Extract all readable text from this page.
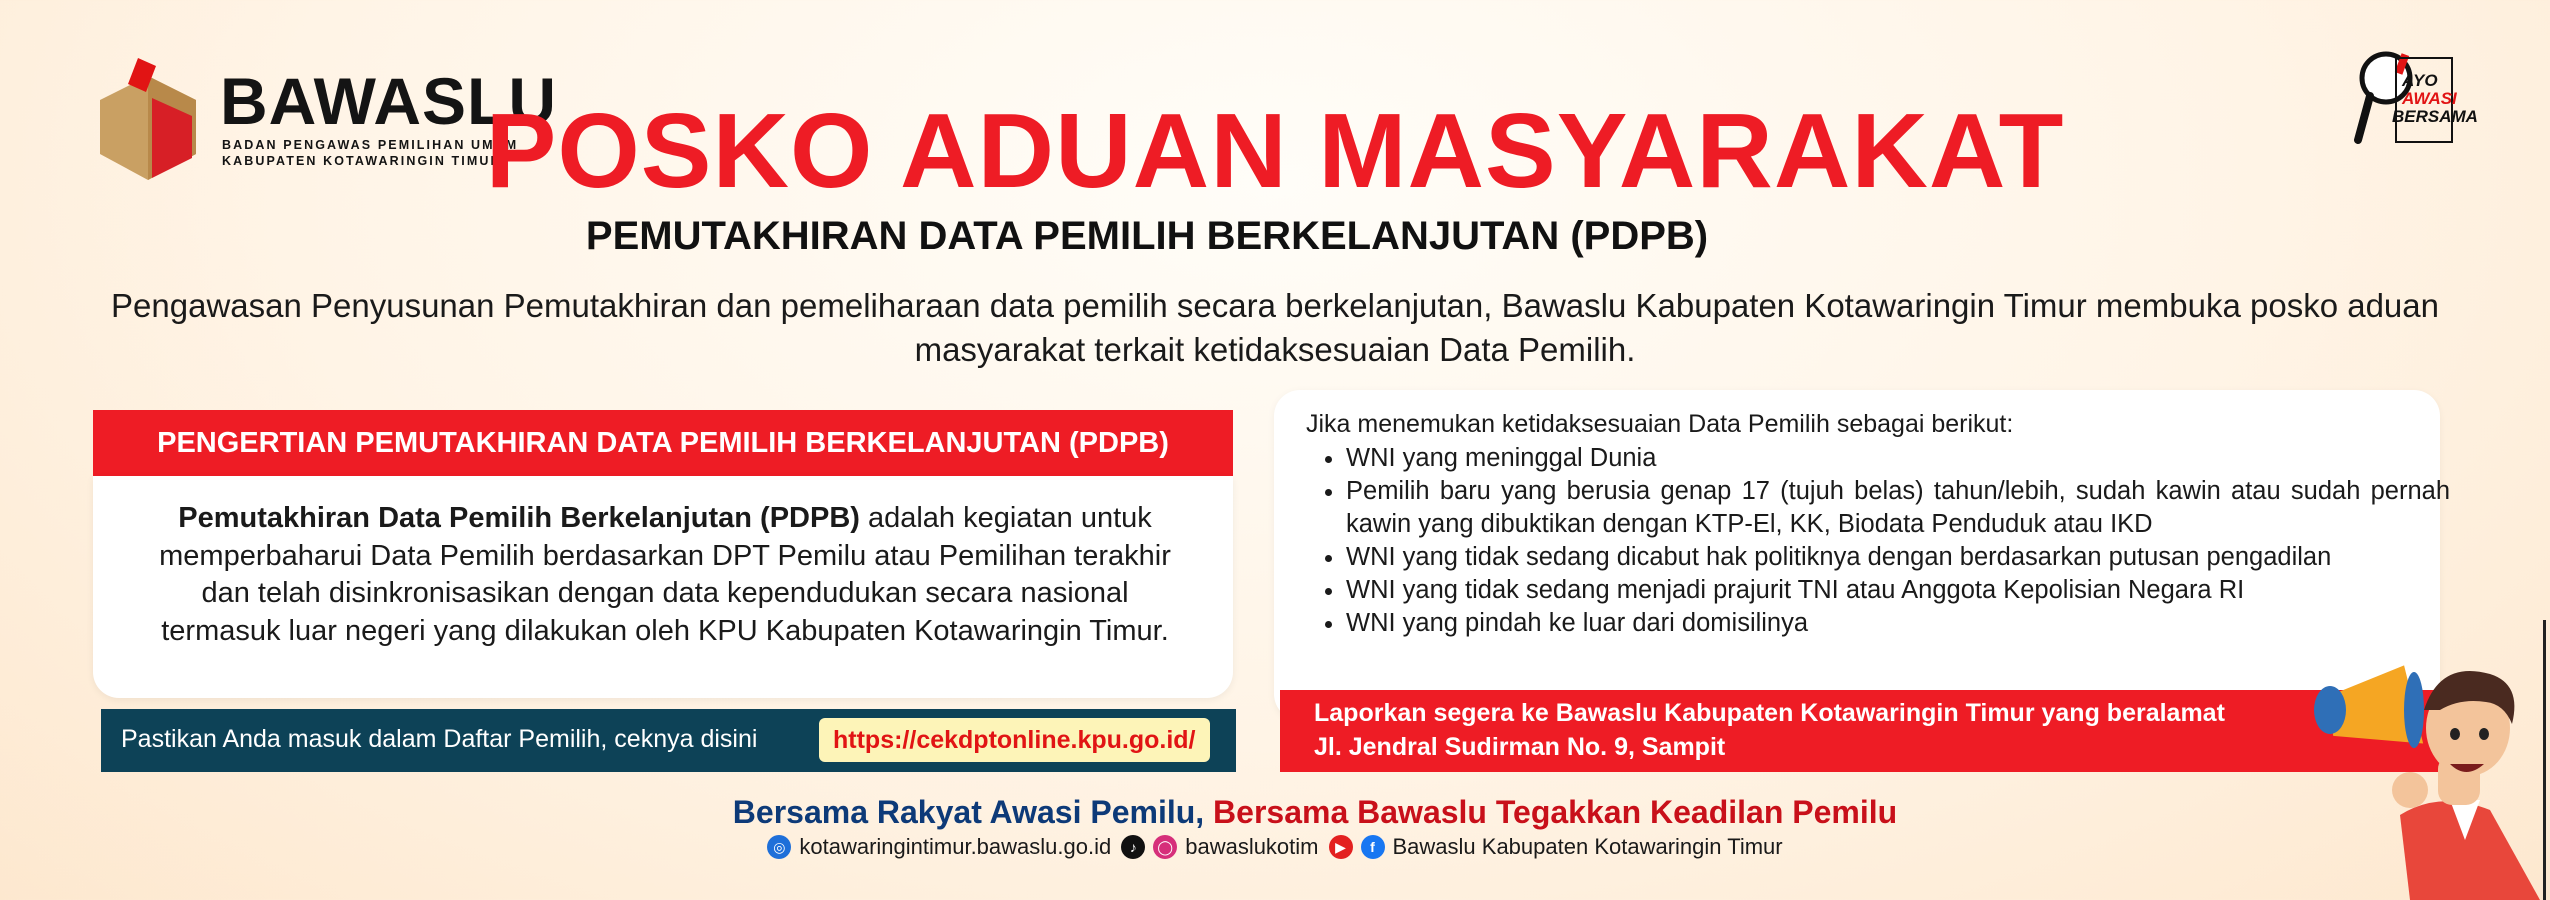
BAWASLU
BADAN PENGAWAS PEMILIHAN UMUM
KABUPATEN KOTAWARINGIN TIMUR
AYO
AWASI
BERSAMA
POSKO ADUAN MASYARAKAT
PEMUTAKHIRAN DATA PEMILIH BERKELANJUTAN (PDPB)
Pengawasan Penyusunan Pemutakhiran dan pemeliharaan data pemilih secara berkelanjutan, Bawaslu Kabupaten Kotawaringin Timur membuka posko aduan masyarakat terkait ketidaksesuaian Data Pemilih.
PENGERTIAN PEMUTAKHIRAN DATA PEMILIH BERKELANJUTAN (PDPB)
Pemutakhiran Data Pemilih Berkelanjutan (PDPB) adalah kegiatan untuk memperbaharui Data Pemilih berdasarkan DPT Pemilu atau Pemilihan terakhir dan telah disinkronisasikan dengan data kependudukan secara nasional termasuk luar negeri yang dilakukan oleh KPU Kabupaten Kotawaringin Timur.
Pastikan Anda masuk dalam Daftar Pemilih, ceknya disini	https://cekdptonline.kpu.go.id/
Jika menemukan ketidaksesuaian Data Pemilih sebagai berikut:
• WNI yang meninggal Dunia
• Pemilih baru yang berusia genap 17 (tujuh belas) tahun/lebih, sudah kawin atau sudah pernah kawin yang dibuktikan dengan KTP-El, KK, Biodata Penduduk atau IKD
• WNI yang tidak sedang dicabut hak politiknya dengan berdasarkan putusan pengadilan
• WNI yang tidak sedang menjadi prajurit TNI atau Anggota Kepolisian Negara RI
• WNI yang pindah ke luar dari domisilinya
Laporkan segera ke Bawaslu Kabupaten Kotawaringin Timur yang beralamat
Jl. Jendral Sudirman No. 9, Sampit
Bersama Rakyat Awasi Pemilu, Bersama Bawaslu Tegakkan Keadilan Pemilu
◎ kotawaringintimur.bawaslu.go.id	♪	◯ bawaslukotim	▶	f Bawaslu Kabupaten Kotawaringin Timur
